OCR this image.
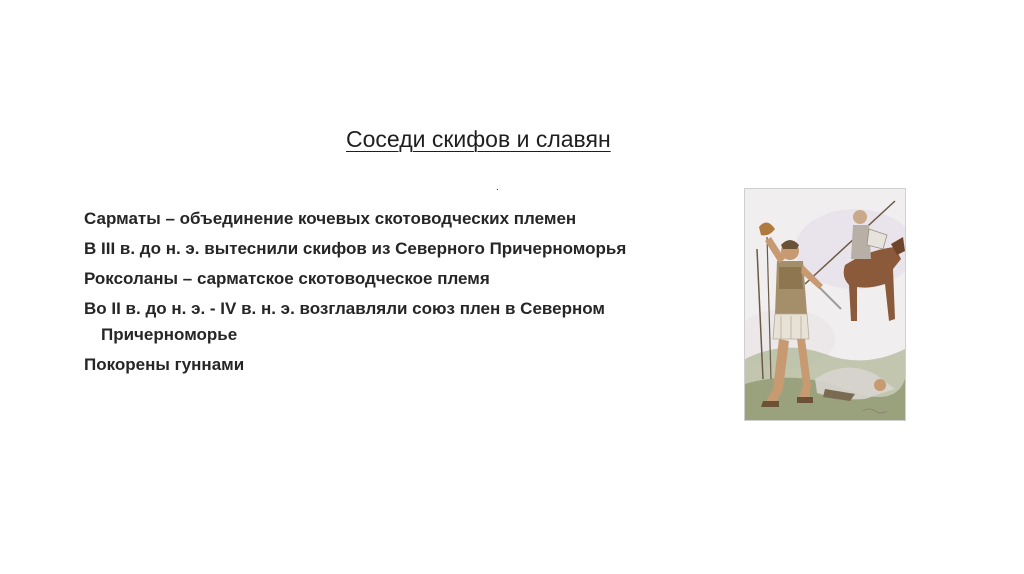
Соседи скифов и славян
.
Сарматы – объединение кочевых скотоводческих племен
В III в. до н. э. вытеснили скифов из Северного Причерноморья
Роксоланы – сарматское скотоводческое племя
Во II в. до н. э. - IV в. н. э. возглавляли союз плен в Северном Причерноморье
Покорены гуннами
